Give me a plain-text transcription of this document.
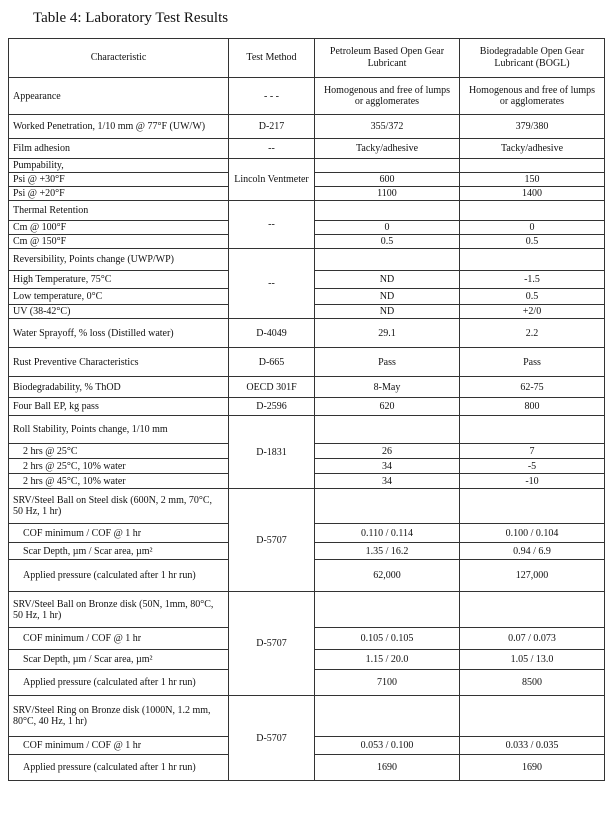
Table 4: Laboratory Test Results
Characteristic	Test Method	Petroleum Based Open Gear Lubricant	Biodegradable Open Gear Lubricant (BOGL)
Appearance	- - -	Homogenous and free of lumps or agglomerates	Homogenous and free of lumps or agglomerates
Worked Penetration, 1/10 mm @ 77°F (UW/W)	D-217	355/372	379/380
Film adhesion	--	Tacky/adhesive	Tacky/adhesive
Pumpability,	Lincoln Ventmeter		
Psi @ +30°F		600	150
Psi @ +20°F		1100	1400
Thermal Retention	--		
Cm @ 100°F		0	0
Cm @ 150°F		0.5	0.5
Reversibility, Points change (UWP/WP)	--		
High Temperature, 75°C		ND	-1.5
Low temperature, 0°C		ND	0.5
UV (38-42°C)		ND	+2/0
Water Sprayoff, % loss (Distilled water)	D-4049	29.1	2.2
Rust Preventive Characteristics	D-665	Pass	Pass
Biodegradability, % ThOD	OECD 301F	8-May	62-75
Four Ball EP, kg pass	D-2596	620	800
Roll Stability, Points change, 1/10 mm	D-1831		
2 hrs @ 25°C		26	7
2 hrs @ 25°C, 10% water		34	-5
2 hrs @ 45°C, 10% water		34	-10
SRV/Steel Ball on Steel disk (600N, 2 mm, 70°C, 50 Hz, 1 hr)	D-5707		
COF minimum / COF @ 1 hr		0.110 / 0.114	0.100 / 0.104
Scar Depth, µm / Scar area, µm²		1.35 / 16.2	0.94 / 6.9
Applied pressure (calculated after 1 hr run)		62,000	127,000
SRV/Steel Ball on Bronze disk (50N, 1mm, 80°C, 50 Hz, 1 hr)	D-5707		
COF minimum / COF @ 1 hr		0.105 / 0.105	0.07 / 0.073
Scar Depth, µm / Scar area, µm²		1.15 / 20.0	1.05 / 13.0
Applied pressure (calculated after 1 hr run)		7100	8500
SRV/Steel Ring on Bronze disk (1000N, 1.2 mm, 80°C, 40 Hz, 1 hr)	D-5707		
COF minimum / COF @ 1 hr		0.053 / 0.100	0.033 / 0.035
Applied pressure (calculated after 1 hr run)		1690	1690
